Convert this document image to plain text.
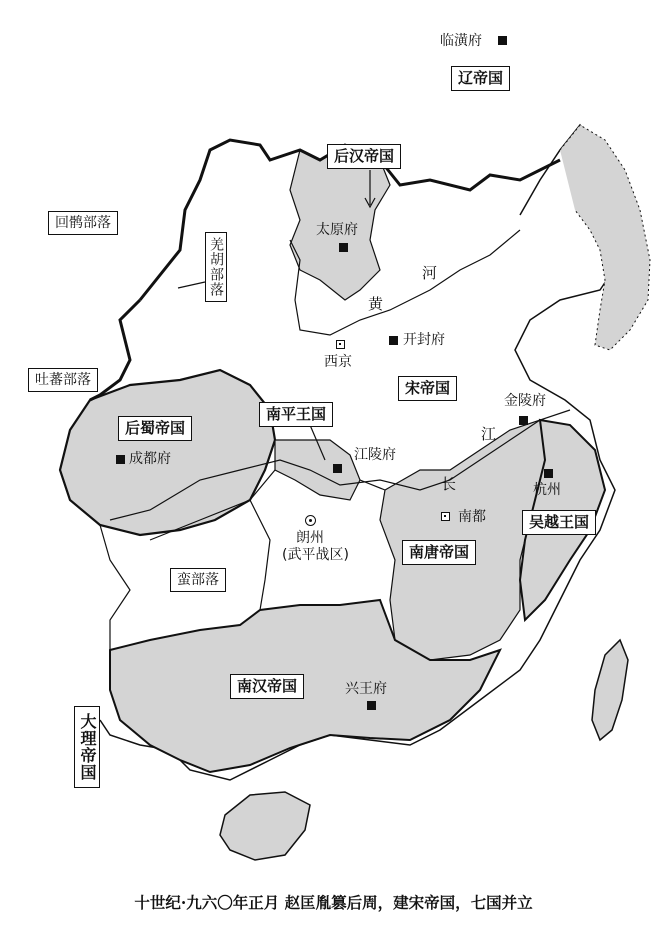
辽帝国
后汉帝国
宋帝国
后蜀帝国
南平王国
南唐帝国
吴越王国
南汉帝国
大理帝国
回鹘部落
羌胡部落
吐蕃部落
蛮部落
临潢府
太原府
开封府
西京
成都府	江陵府
金陵府
杭州
南都
朗州
(武平战区)
兴王府
河
黄
江
长
十世纪·九六〇年正月 赵匡胤篡后周，建宋帝国，七国并立
